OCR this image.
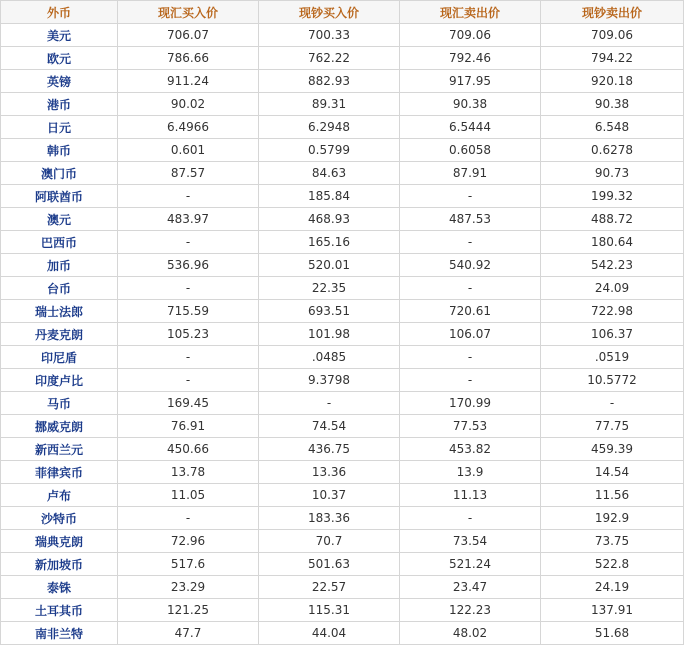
外币	现汇买入价	现钞买入价	现汇卖出价	现钞卖出价
美元	706.07	700.33	709.06	709.06
欧元	786.66	762.22	792.46	794.22
英镑	911.24	882.93	917.95	920.18
港币	90.02	89.31	90.38	90.38
日元	6.4966	6.2948	6.5444	6.548
韩币	0.601	0.5799	0.6058	0.6278
澳门币	87.57	84.63	87.91	90.73
阿联酋币	-	185.84	-	199.32
澳元	483.97	468.93	487.53	488.72
巴西币	-	165.16	-	180.64
加币	536.96	520.01	540.92	542.23
台币	-	22.35	-	24.09
瑞士法郎	715.59	693.51	720.61	722.98
丹麦克朗	105.23	101.98	106.07	106.37
印尼盾	-	.0485	-	.0519
印度卢比	-	9.3798	-	10.5772
马币	169.45	-	170.99	-
挪威克朗	76.91	74.54	77.53	77.75
新西兰元	450.66	436.75	453.82	459.39
菲律宾币	13.78	13.36	13.9	14.54
卢布	11.05	10.37	11.13	11.56
沙特币	-	183.36	-	192.9
瑞典克朗	72.96	70.7	73.54	73.75
新加坡币	517.6	501.63	521.24	522.8
泰铢	23.29	22.57	23.47	24.19
土耳其币	121.25	115.31	122.23	137.91
南非兰特	47.7	44.04	48.02	51.68
